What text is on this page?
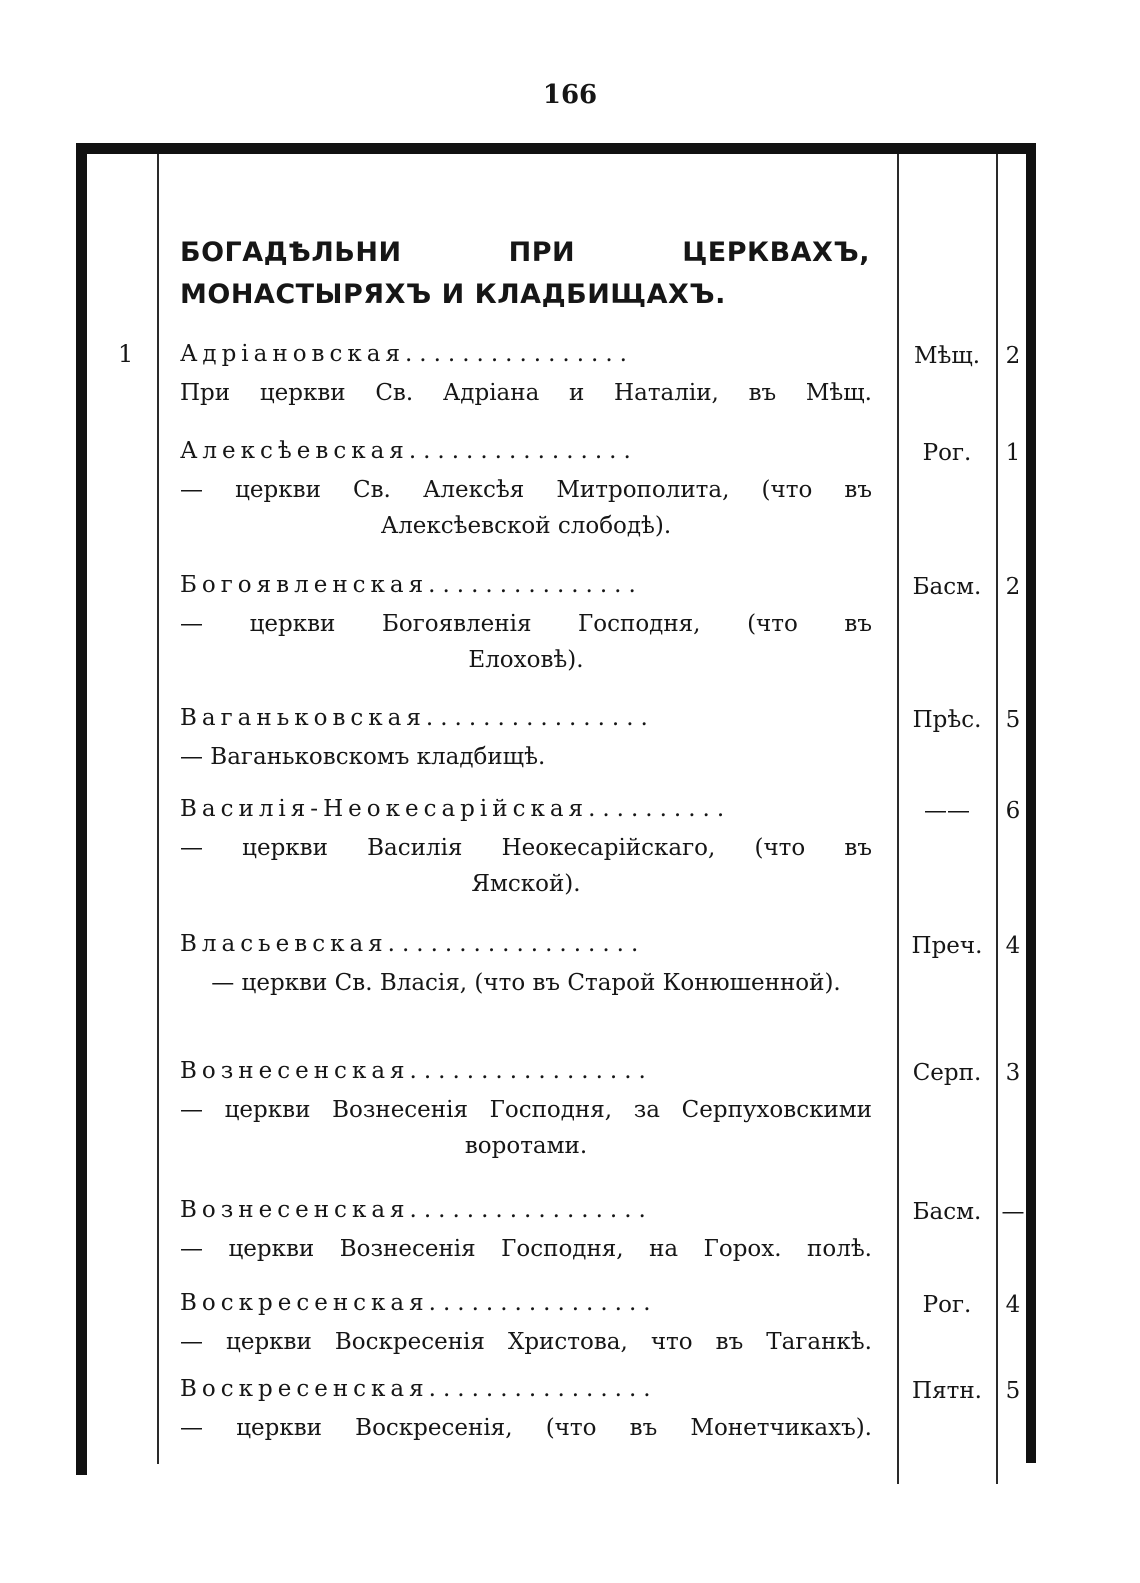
166
БОГАДѢЛЬНИ ПРИ ЦЕРКВАХЪ, МОНАСТЫРЯХЪ И КЛАДБИЩАХЪ.
1 Адріановская................
При церкви Св. Адріана и Наталіи, въ Мѣщ.
Мѣщ.	2
Алексѣевская................
— церкви Св. Алексѣя Митрополита, (что въ
Алексѣевской слободѣ).
Рог.	1
Богоявленская...............
— церкви Богоявленія Господня, (что въ
Елоховѣ).
Басм.	2
Ваганьковская................
— Ваганьковскомъ кладбищѣ.
Прѣс.	5
Василія-Неокесарійская..........
— церкви Василія Неокесарійскаго, (что въ
Ямской).
——	6
Власьевская..................
— церкви Св. Власія, (что въ Старой Конюшенной).
Преч.	4
Вознесенская.................
— церкви Вознесенія Господня, за Серпуховскими воротами.
Серп.	3
Вознесенская.................
— церкви Вознесенія Господня, на Горох. полѣ.
Басм. —
Воскресенская................
— церкви Воскресенія Христова, что въ Таганкѣ.
Рог.	4
Воскресенская................
— церкви Воскресенія, (что въ Монетчикахъ).
Пятн.	5
